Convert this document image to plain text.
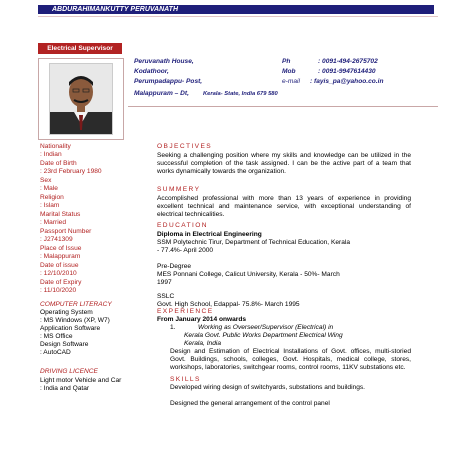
ABDURAHIMANKUTTY PERUVANATH
Electrical Supervisor
Peruvanath House,	Ph	: 0091-494-2675702
Kodathoor,	Mob	: 0091-9947614430
Perumpadappu- Post,	e-mail : fayis_pa@yahoo.co.in
Malappuram – Dt, Kerala- State, India 679 580
Nationality
: Indian
Date of Birth
: 23rd February 1980
Sex
: Male
Religion
: Islam
Marital Status
: Married
Passport Number
: J2741309
Place of Issue
: Malappuram
Date of issue
: 12/10/2010
Date of Expiry
: 11/10/2020
COMPUTER LITERACY
Operating System
: MS Windows (XP, W7)
Application Software
: MS Office
Design Software
: AutoCAD
DRIVING LICENCE
Light motor Vehicle and Car
: India and Qatar
OBJECTIVES
Seeking a challenging position where my skills and knowledge can be utilized in the successful completion of the task assigned. I can be the active part of a team that works dynamically towards the organization.
SUMMERY
Accomplished professional with more than 13 years of experience in providing excellent technical and maintenance service, with exceptional understanding of electrical technicalities.
EDUCATION
Diploma in Electrical Engineering
SSM Polytechnic Tirur, Department of Technical Education, Kerala
- 77.4%- April 2000
Pre-Degree
MES Ponnani College, Calicut University, Kerala - 50%- March
1997
SSLC
Govt. High School, Edappal- 75.8%- March 1995
EXPERIENCE
From January 2014 onwards
1.	Working as Overseer/Supervisor (Electrical) in
Kerala Govt. Public Works Department Electrical Wing
Kerala, India
Design and Estimation of Electrical Installations of Govt. offices, multi-storied Govt. Buildings, schools, colleges, Govt. Hospitals, medical college, stores, workshops, laboratories, switchgear rooms, control rooms, 11KV substations etc.
SKILLS
Developed wiring design of switchyards, substations and buildings.
Designed the general arrangement of the control panel
